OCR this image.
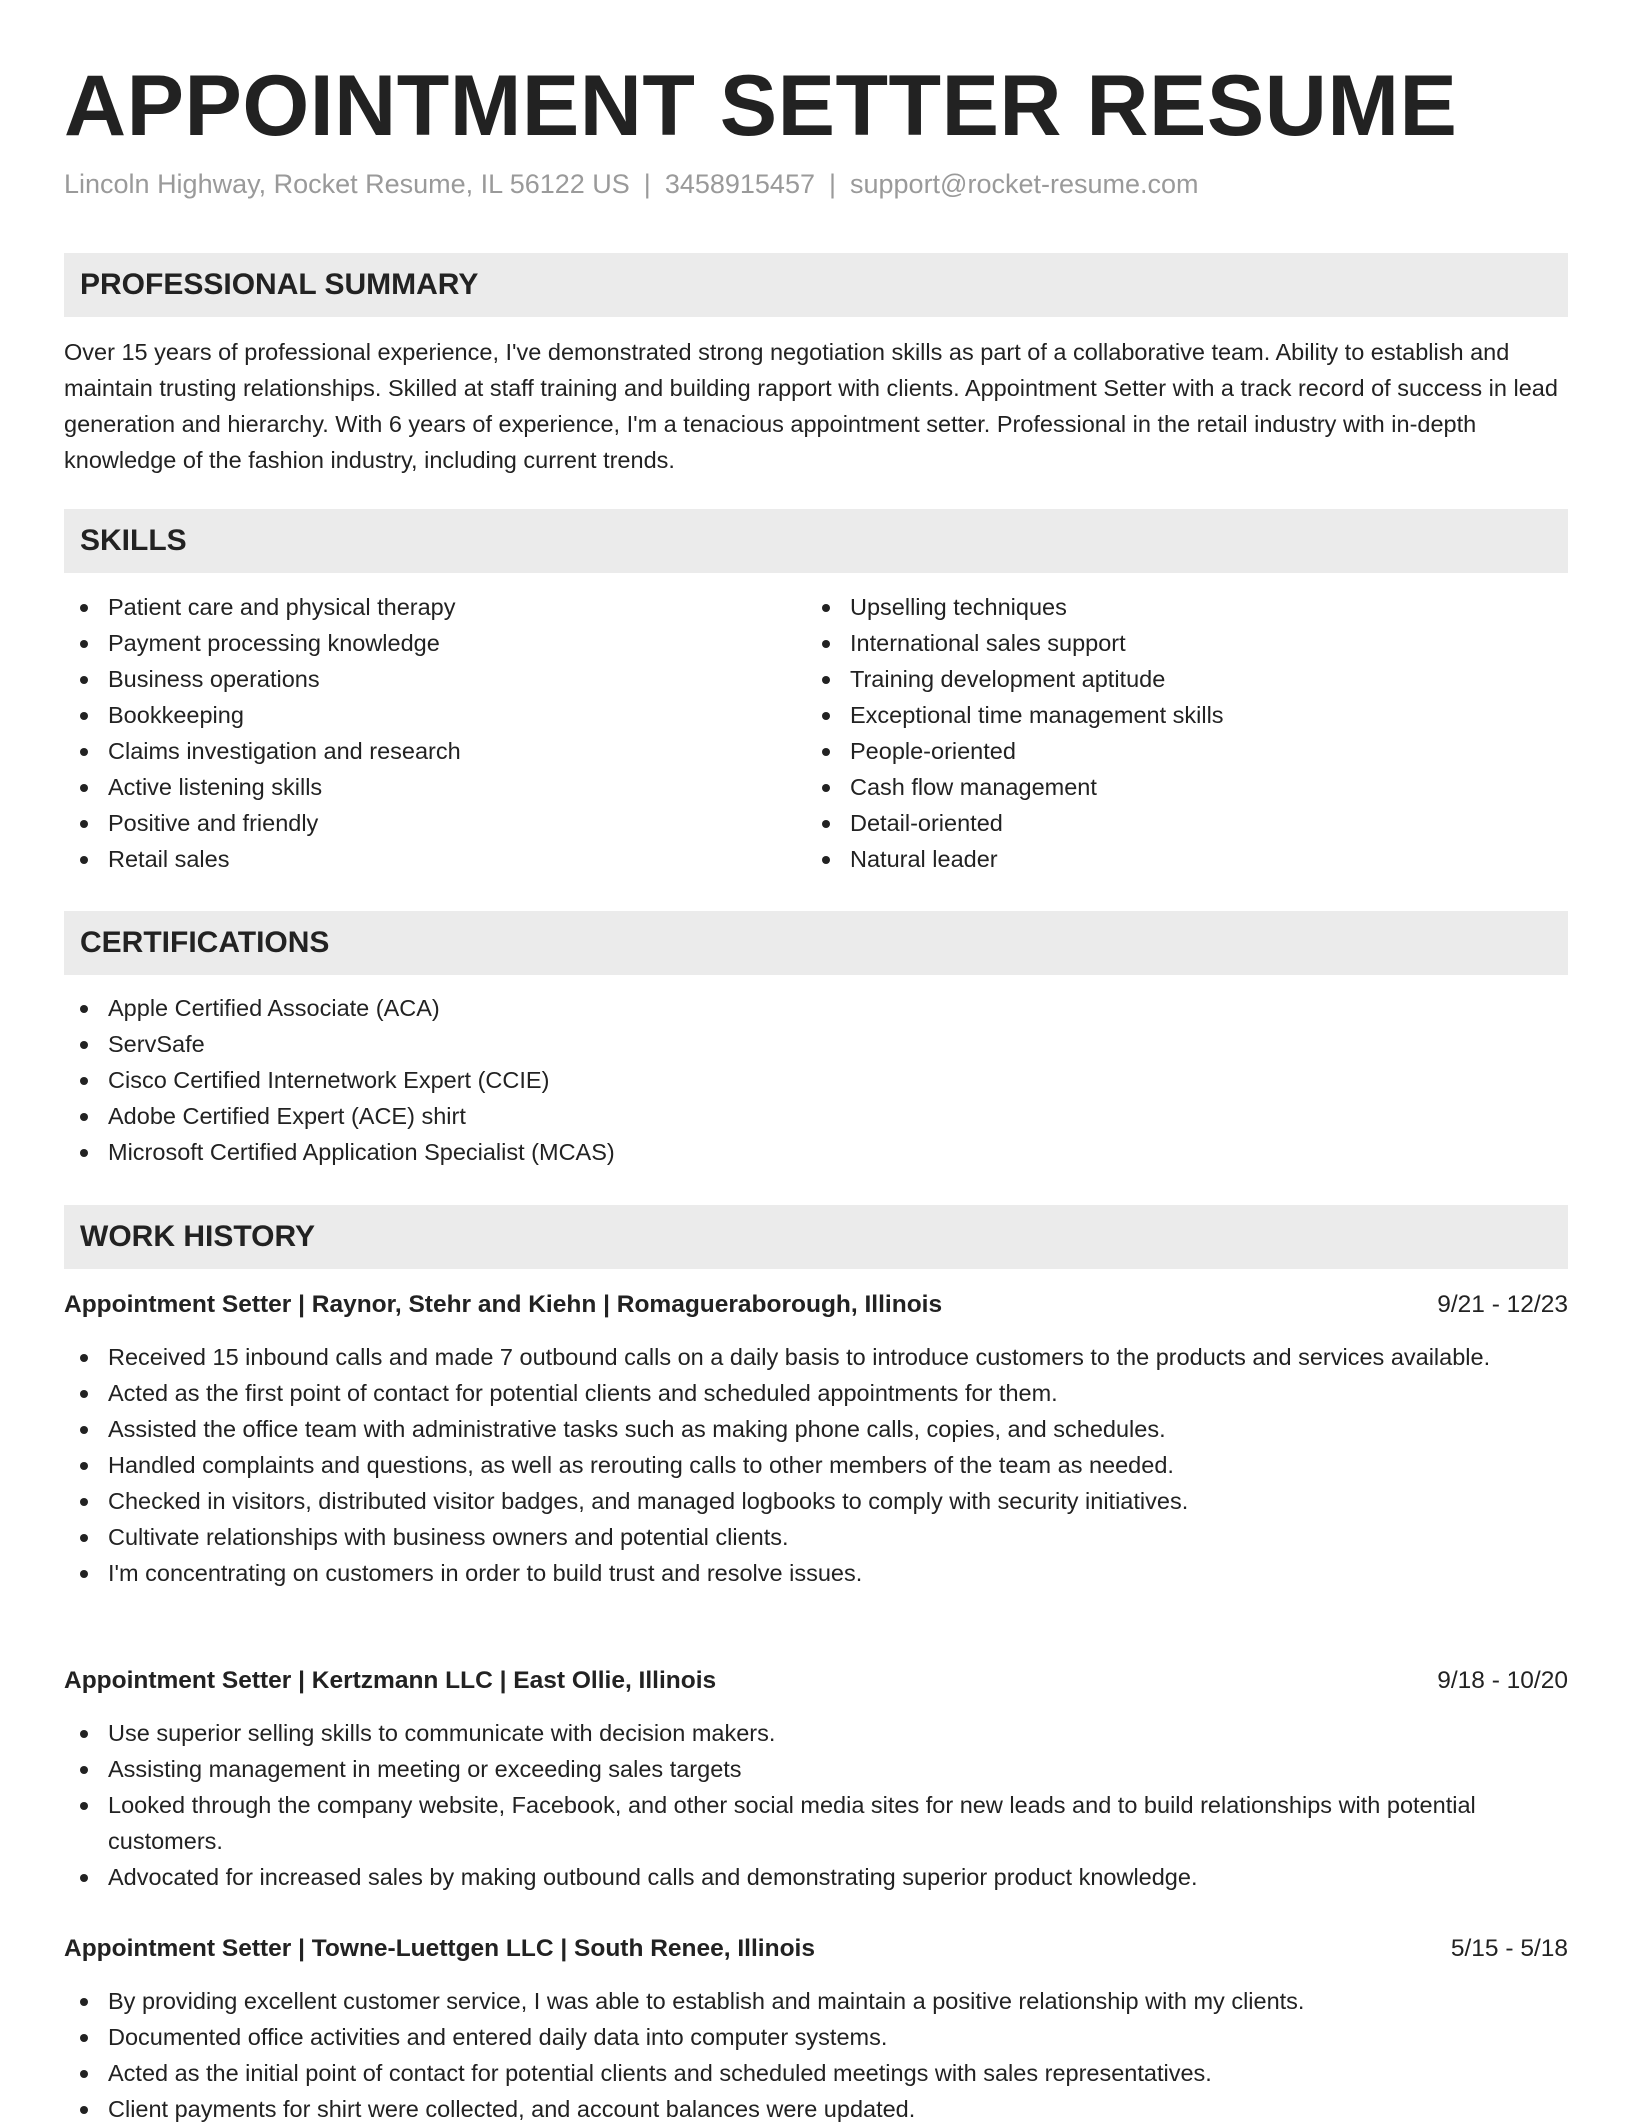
APPOINTMENT SETTER RESUME
Lincoln Highway, Rocket Resume, IL 56122 US | 3458915457 | support@rocket-resume.com
PROFESSIONAL SUMMARY

Over 15 years of professional experience, I've demonstrated strong negotiation skills as part of a collaborative team. Ability to establish and maintain trusting relationships. Skilled at staff training and building rapport with clients. Appointment Setter with a track record of success in lead generation and hierarchy. With 6 years of experience, I'm a tenacious appointment setter. Professional in the retail industry with in-depth knowledge of the fashion industry, including current trends.

SKILLS
Patient care and physical therapy
Payment processing knowledge
Business operations
Bookkeeping
Claims investigation and research
Active listening skills
Positive and friendly
Retail sales
Upselling techniques
International sales support
Training development aptitude
Exceptional time management skills
People-oriented
Cash flow management
Detail-oriented
Natural leader
CERTIFICATIONS
Apple Certified Associate (ACA)
ServSafe
Cisco Certified Internetwork Expert (CCIE)
Adobe Certified Expert (ACE) shirt
Microsoft Certified Application Specialist (MCAS)
WORK HISTORY
Appointment Setter | Raynor, Stehr and Kiehn | Romagueraborough, Illinois	9/21 - 12/23
Received 15 inbound calls and made 7 outbound calls on a daily basis to introduce customers to the products and services available.
Acted as the first point of contact for potential clients and scheduled appointments for them.
Assisted the office team with administrative tasks such as making phone calls, copies, and schedules.
Handled complaints and questions, as well as rerouting calls to other members of the team as needed.
Checked in visitors, distributed visitor badges, and managed logbooks to comply with security initiatives.
Cultivate relationships with business owners and potential clients.
I'm concentrating on customers in order to build trust and resolve issues.
Appointment Setter | Kertzmann LLC | East Ollie, Illinois	9/18 - 10/20
Use superior selling skills to communicate with decision makers.
Assisting management in meeting or exceeding sales targets
Looked through the company website, Facebook, and other social media sites for new leads and to build relationships with potential customers.
Advocated for increased sales by making outbound calls and demonstrating superior product knowledge.
Appointment Setter | Towne-Luettgen LLC | South Renee, Illinois	5/15 - 5/18
By providing excellent customer service, I was able to establish and maintain a positive relationship with my clients.
Documented office activities and entered daily data into computer systems.
Acted as the initial point of contact for potential clients and scheduled meetings with sales representatives.
Client payments for shirt were collected, and account balances were updated.
